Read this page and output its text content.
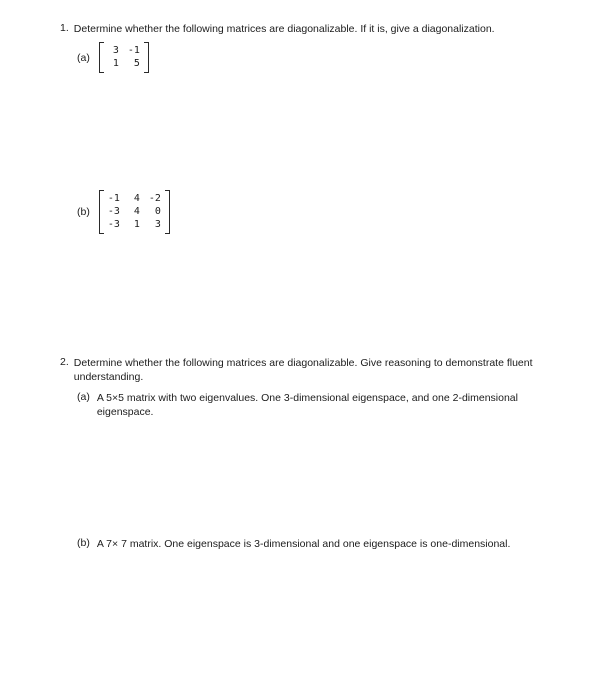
1. Determine whether the following matrices are diagonalizable. If it is, give a diagonalization.
(a)
3 -1
1	5
(b)
-1	4 -2
-3	4	0
-3	1	3
2. Determine whether the following matrices are diagonalizable. Give reasoning to demonstrate fluent understanding.
(a) A 5×5 matrix with two eigenvalues. One 3-dimensional eigenspace, and one 2-dimensional eigenspace.
(b) A 7× 7 matrix. One eigenspace is 3-dimensional and one eigenspace is one-dimensional.
